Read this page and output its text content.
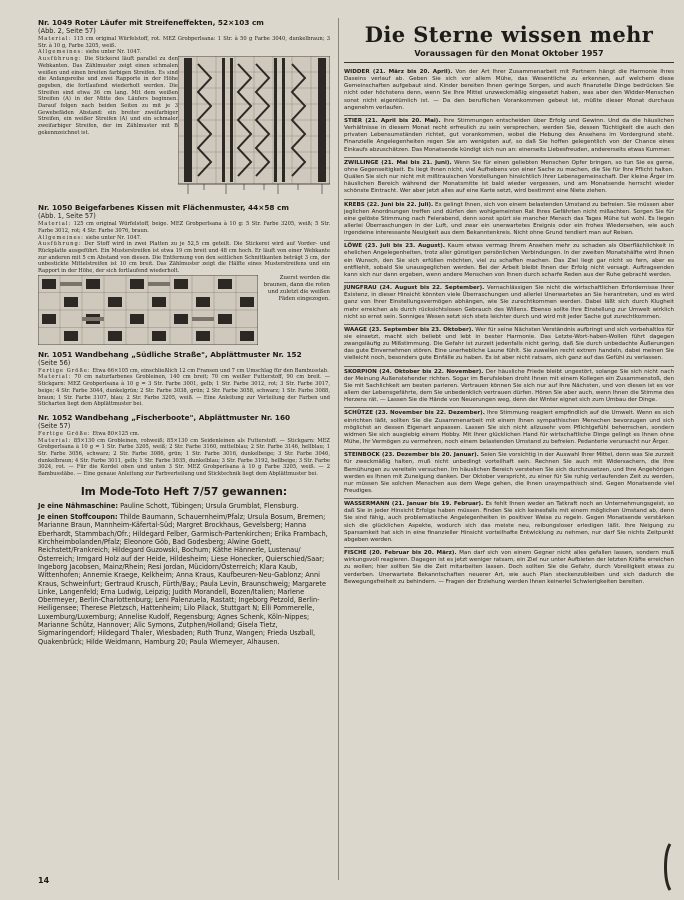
Nr. 1049 Roter Läufer mit Streifeneffekten, 52×103 cm

(Abb. 2, Seite 57)

Material: 115 cm original Würfelstoff, rot. MEZ Grobperlsana: 1 Str. à 50 g Farbe 3040, dunkelbraun; 3 Str. à 10 g, Farbe 3205, weiß.

Allgemeines: siehe unter Nr. 1047.

Ausführung: Die Stickerei läuft parallel zu den Webkanten. Das Zählmuster zeigt einen schmalen weißen und einen breiten farbigen Streifen. Es sind die Anfangsreihe und zwei Rapporte in der Höhe gegeben, die fortlaufend wiederholt werden. Die Streifen sind etwa 36 cm lang. Mit dem weißen Streifen (A) in der Mitte des Läufers beginnen. Darauf folgen nach beiden Seiten zu mit je 3 Gewebefäden Abstand: ein breiter zweifarbiger Streifen, ein weißer Streifen (A) und ein schmaler zweifarbiger Streifen, der im Zählmuster mit B gekennzeichnet ist.

Nr. 1050 Beigefarbenes Kissen mit Flächenmuster, 44×58 cm

(Abb. 1, Seite 57)

Material: 125 cm original Würfelstoff, beige. MEZ Grobperlsana à 10 g: 5 Str. Farbe 3205, weiß; 5 Str. Farbe 3012, rot; 4 Str. Farbe 3076, braun.

Allgemeines: siehe unter Nr. 1047.

Ausführung: Der Stoff wird in zwei Platten zu je 52,5 cm geteilt. Die Stickerei wird auf Vorder- und Rückplatte ausgeführt. Ein Musterstreifen ist etwa 19 cm breit und 48 cm hoch. Er läuft von einer Webkante zur anderen mit 5 cm Abstand von diesen. Die Entfernung von den seitlichen Schnittkanten beträgt 3 cm, der unbestickte Mittelstreifen ist 10 cm breit. Das Zählmuster zeigt die Hälfte eines Musterstreifens und ein Rapport in der Höhe, der sich fortlaufend wiederholt.

Zuerst werden die braunen, dann die roten und zuletzt die weißen Fäden eingezogen.

Nr. 1051 Wandbehang „Südliche Straße", Abplättmuster Nr. 152

(Seite 56)

Fertige Größe: Etwa 66×105 cm, einschließlich 12 cm Fransen und 7 cm Umschlag für den Bambusstab.

Material: 70 cm naturfarbenes Grobleinen, 140 cm breit; 70 cm weißer Futterstoff, 90 cm breit. — Stickgarn: MEZ Grobperlsana à 10 g = 3 Str. Farbe 3001, gelb; 1 Str. Farbe 3012, rot; 3 Str. Farbe 3017, beige; 4 Str. Farbe 3044, dunkelgrün; 2 Str. Farbe 3038, grün; 2 Str. Farbe 3058, schwarz; 1 Str. Farbe 3088, braun; 1 Str. Farbe 3107, blau; 2 Str. Farbe 3205, weiß. — Eine Anleitung zur Verteilung der Farben und Sticharten liegt dem Abplättmuster bei.

Nr. 1052 Wandbehang „Fischerboote", Abplättmuster Nr. 160

(Seite 57)

Fertige Größe: Etwa 80×125 cm.

Material: 85×130 cm Grobleinen, rohweiß; 85×130 cm Seidenleinen als Futterstoff. — Stickgarn: MEZ Grobperlsana à 10 g = 1 Str. Farbe 3205, weiß; 2 Str. Farbe 3160, mittelblau; 2 Str. Farbe 3146, hellblau; 1 Str. Farbe 3056, schwarz; 2 Str. Farbe 3086, grün; 1 Str. Farbe 3016, dunkelbeige; 3 Str. Farbe 3046, dunkelbraun; 4 Str. Farbe 3011, gelb; 1 Str. Farbe 3035, dunkelblau; 3 Str. Farbe 3192, hellbeige; 3 Str. Farbe 3024, rot. — Für die Kordel oben und unten 3 Str. MEZ Grobperlsana à 10 g Farbe 3205, weiß. — 2 Bambusstäbe. — Eine genaue Anleitung zur Farbverteilung und Sticktechnik liegt dem Abplättmuster bei.

Im Mode-Toto Heft 7/57 gewannen:

Je eine Nähmaschine: Pauline Schott, Tübingen; Ursula Grumblat, Flensburg.

Je einen Stoffcoupon: Thilde Baumann, Schauernheim/Pfalz; Ursula Bosum, Bremen; Marianne Braun, Mannheim-Käfertal-Süd; Margret Brockhaus, Gevelsberg; Hanna Eberhardt, Stammbach/Ofr.; Hildegard Felber, Garmisch-Partenkirchen; Erika Frambach, Kirchheimbolanden/Pfalz; Eleonore Göb, Bad Godesberg; Alwine Goett, Reichstett/Frankreich; Hildegard Guzowski, Bochum; Käthe Hännerle, Lustenau/Österreich; Irmgard Holz auf der Heide, Hildesheim; Liese Honecker, Quierschied/Saar; Ingeborg Jacobsen, Mainz/Rhein; Resi Jordan, Mücidorn/Österreich; Klara Kaub, Wittenhofen; Annemie Kraege, Kelkheim; Anna Kraus, Kaufbeuren-Neu-Gablonz; Anni Kraus, Schweinfurt; Gertraud Krusch, Fürth/Bay.; Paula Levin, Braunschweig; Margarete Linke, Langenfeld; Erna Ludwig, Leipzig; Judith Morandell, Bozen/Italien; Marlene Obermeyer, Berlin-Charlottenburg; Leni Palenzuela, Rastatt; Ingeborg Petzold, Berlin-Heiligensee; Therese Pletzsch, Hattenheim; Lilo Pilack, Stuttgart N; Elli Pommerelle, Luxemburg/Luxemburg; Annelise Kudolf, Regensburg; Agnes Schenk, Köln-Nippes; Marianne Schütz, Hannover; Alic Symons, Zutphen/Holland; Gisela Tietz, Sigmaringendorf; Hildegard Thaler, Wiesbaden; Ruth Trunz, Wangen; Frieda Uszball, Quakenbrück; Hilde Weidmann, Hamburg 20; Paula Wiemeyer, Alhausen.

Die Sterne wissen mehr

Voraussagen für den Monat Oktober 1957

WIDDER (21. März bis 20. April). Von der Art Ihrer Zusammenarbeit mit Partnern hängt die Harmonie Ihres Daseins verlauf ab. Geben Sie sich vor allem Mühe, das Wesentliche zu erkennen, auf welchem diese Gemeinschaften aufgebaut sind. Kinder bereiten Ihnen geringe Sorgen, und auch finanzielle Dinge bedrücken Sie nicht oder höchstens denn, wenn Sie Ihre Mittel unzweckmäßig eingesetzt haben, was aber den Widder-Menschen sonst nicht eigentümlich ist. — Da den beruflichen Vorankommen gebeut ist, müßte dieser Monat durchaus angenehm verlaufen.

STIER (21. April bis 20. Mai). Ihre Stimmungen entscheiden über Erfolg und Gewinn. Und da die häuslichen Verhältnisse in diesem Monat recht erfreulich zu sein versprechen, werden Sie, dessen Tüchtigkeit die auch den privaten Lebensumständen richtet, gut vorankommen, wobei die Hebung des Ansehens im Vordergrund steht. Finanzielle Angelegenheiten regen Sie am wenigsten auf, so daß Sie hoffen gelegentlich von der Chance eines Einkaufs abzuschätzen. Das Monatsende kündigt sich nun an: einerseits Liebesfreuden, andererseits etwas Kummer.

ZWILLINGE (21. Mai bis 21. Juni). Wenn Sie für einen geliebten Menschen Opfer bringen, so tun Sie es gerne, ohne Gegenseitigkeit. Es liegt Ihnen nicht, viel Aufhebens von einer Sache zu machen, die Sie für Ihre Pflicht halten. Quälen Sie sich nur nicht mit mißtrauischen Vorstellungen hinsichtlich Ihrer Lebensgemeinschaft. Der kleine Ärger im häuslichen Bereich während der Monatsmitte ist bald wieder vergessen, und am Monatsende herrscht wieder schönste Eintracht. Wer aber jetzt alles auf eine Karte setzt, wird bestimmt eine Niete ziehen.

KREBS (22. Juni bis 22. Juli). Es gelingt Ihnen, sich von einem belastenden Umstand zu befreien. Sie müssen aber jeglichen Anordnungen treffen und dürfen den wohlgemeinten Rat Ihres Gefährten nicht mißachten. Sorgen Sie für eine gelöste Stimmung nach Feierabend, denn sonst spürt sie mancher Mensch das Tages Mühe tut wohl. Es liegen allerlei Überraschungen in der Luft, und zwar ein unerwartetes Ereignis oder ein frohes Wiedersehen, wie auch irgendeine interessante Neuigkeit aus dem Bekanntenkreis. Nicht ohne Grund tendiert man auf Reisen.

LÖWE (23. Juli bis 23. August). Kaum etwas vermag Ihrem Ansehen mehr zu schaden als Oberflächlichkeit in ehelichen Angelegenheiten, trotz aller günstigen persönlichen Verbindungen. In der zweiten Monatshälfte wird Ihnen ein Wunsch, den Sie sich erfüllen möchten, viel zu schaffen machen. Das Ziel liegt gar nicht so fern, aber es entfliehlt, sobald Sie unausgeglichen werden. Bei der Arbeit bleibt Ihnen der Erfolg nicht versagt. Auftragsenden kann sich nur dann ergeben, wenn andere Menschen von Ihnen durch scharfe Reden aus der Ruhe gebracht werden.

JUNGFRAU (24. August bis 22. September). Vernachlässigen Sie nicht die wirtschaftlichen Erfordernisse Ihrer Existenz, in dieser Hinsicht könnten viele Überraschungen und allerlei Unerwartetes an Sie herantreten, und es wird ganz von Ihrer Einstellungsvermögen abhängen, wie Sie zurechtkommen werden. Dabei läßt sich durch Klugheit mehr erreichen als durch rücksichtslosen Gebrauch des Willens. Ebenso sollte Ihre Einstellung zur Umwelt wirklich nicht so ernst sein. Sonniges Wesen setzt sich stets leichter durch und wird mit jeder Sache gut zurechtkommen.

WAAGE (23. September bis 23. Oktober). Wer für seine Nächsten Verständnis aufbringt und sich vorbehaltlos für sie einsetzt, macht sich beliebt und lebt in bester Harmonie. Das Letzte-Wort-haben-Wollen führt dagegen zwangsläufig zu Mißstimmung. Die Gefahr ist zurzeit jedenfalls nicht gering, daß Sie durch unbedachte Äußerungen das gute Einvernehmen stören. Eine unerhebliche Laune fühlt. Sie zuweilen recht extrem handeln, dabei meinen Sie vielleicht noch, besonders gute Einfälle zu haben. Es ist aber nicht ratsam, sich ganz auf das Gefühl zu verlassen.

SKORPION (24. Oktober bis 22. November). Der häusliche Friede bleibt ungestört, solange Sie sich nicht nach der Meinung Außenstehender richten. Sogar im Berufsleben droht Ihnen mit einem Kollegen ein Zusammenstoß, den Sie mit Sachlichkeit am besten parieren. Vertrauen können Sie sich nur auf Ihre Nächsten, und von diesen ist es vor allem der Lebensgefährte, dem Sie unbedenklich vertrauen dürfen. Hören Sie aber auch, wenn Ihnen die Stimme des Herzens rät. — Lassen Sie die Hände von Neuerungen weg, denn der Winter eignet sich zum Umbau der Dinge.

SCHÜTZE (23. November bis 22. Dezember). Ihre Stimmung reagiert empfindlich auf die Umwelt. Wenn es sich einrichten läßt, sollten Sie die Zusammenarbeit mit einem Ihnen sympathischen Menschen bevorzugen und sich möglichst an dessen Eigenart anpassen. Lassen Sie sich nicht allzusehr vom Pflichtgefühl beherrschen, sondern widmen Sie sich ausgiebig einem Hobby. Mit Ihrer glücklichen Hand für wirtschaftliche Dinge gelingt es Ihnen ohne Mühe, Ihr Vermögen zu vermehren, noch einem belastenden Umstand zu befreien. Pedanterie verursacht nur Ärger.

STEINBOCK (23. Dezember bis 20. Januar). Seien Sie vorsichtig in der Auswahl Ihrer Mittel, denn was Sie zurzeit für zweckmäßig halten, muß nicht unbedingt vorteilhaft sein. Rechnen Sie auch mit Widersachern, die Ihre Bemühungen zu vereiteln versuchen. Im häuslichen Bereich verstehen Sie sich durchzusetzen, und Ihre Angehörigen werden es Ihnen mit Zuneigung danken. Der Oktober verspricht, zu einer für Sie ruhig verlaufenden Zeit zu werden, nur müssen Sie solchen Menschen aus dem Wege gehen, die Ihnen unsympathisch sind. Gegen Monatsende viel Freudiges.

WASSERMANN (21. Januar bis 19. Februar). Es fehlt Ihnen weder an Tatkraft noch an Unternehmungsgeist, so daß Sie in jeder Hinsicht Erfolge haben müssen. Finden Sie sich keinesfalls mit einem möglichen Umstand ab, denn Sie sind fähig, auch problematische Angelegenheiten in positiver Weise zu regeln. Gegen Monatsende verstärken sich die glücklichen Aspekte, wodurch sich das meiste neu, reibungsloser erledigen läßt. Ihre Neigung zu Sparsamkeit hat sich in eine finanzieller Hinsicht vorteilhafte Entwicklung zu nehmen, nur darf Sie nichts Zeitpunkt abgeben werden.

FISCHE (20. Februar bis 20. März). Man darf sich von einem Gegner nicht alles gefallen lassen, sondern muß wirkungsvoll reagieren. Dagegen ist es jetzt weniger ratsam, ein Ziel nur unter Aufbieten der letzten Kräfte erreichen zu wollen; hier sollten Sie die Zeit mitarbeiten lassen. Doch sollten Sie die Gefahr, durch Voreiligkeit etwas zu verderben. Unerwartete Bekanntschaften neuerer Art, wie auch Plan steckenzubleiben und sich dadurch die Bewegungsfreiheit zu behindern. — Fragen der Erziehung werden Ihnen keinerlei Schwierigkeiten bereiten.

14
